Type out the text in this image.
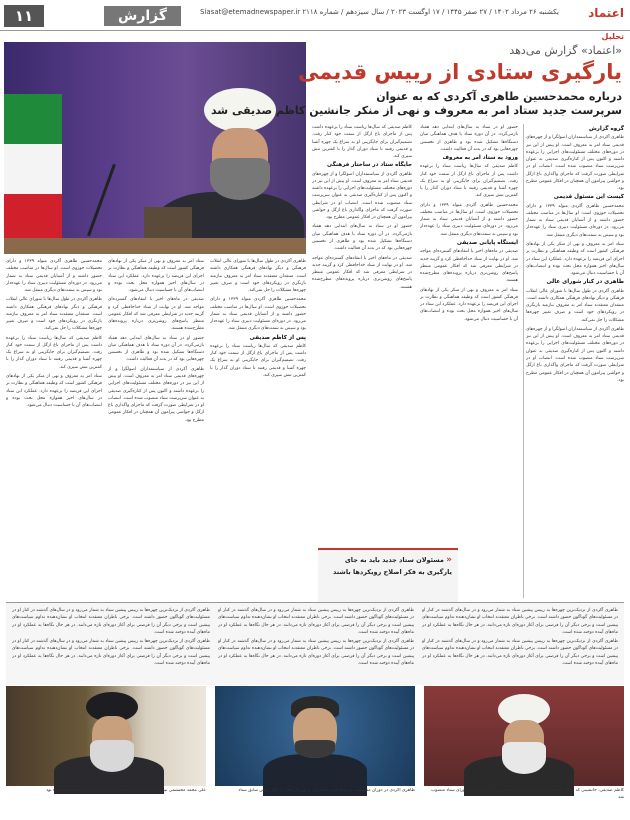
۱۱	گزارش	یکشنبه ۲۶ مرداد ۱۴۰۲ / ۲۷ صفر ۱۴۴۵ / ۱۷ اوگست ۲۰۲۳ / سال سیزدهم / شماره ۲۱۱۸ Siasat@etemadnewspaper.ir اعتماد
تحلیل
«اعتماد» گزارش می‌دهد
یارگیری ستادی از رییس قدیمی
درباره محمدحسین طاهری آکردی که به عنوان
سرپرست جدید ستاد امر به معروف و نهی از منکر جانشین کاظم صدیقی شد
گروه گزارش

طاهری آکردی از سیاستمداران اصولگرا و از چهره‌های قدیمی ستاد امر به معروف است. او پیش از این نیز در دوره‌های مختلف مسئولیت‌های اجرایی را برعهده داشته و اکنون پس از کناره‌گیری صدیقی به عنوان سرپرست ستاد منصوب شده است. انتصاب او در شرایطی صورت گرفت که ماجرای واگذاری باغ ازگل و حواشی پیرامون آن همچنان در افکار عمومی مطرح بود.

کیست این مسئول قدیمی

محمدحسین طاهری آکردی متولد ۱۳۳۹ و دارای تحصیلات حوزوی است. او سال‌ها در مناصب مختلف حضور داشته و از آشنایان قدیمی ستاد به شمار می‌رود. در دوره‌ای مسئولیت دبیری ستاد را عهده‌دار بود و سپس به سمت‌های دیگری منتقل شد.

ستاد امر به معروف و نهی از منکر یکی از نهادهای فرهنگی کشور است که وظیفه هماهنگی و نظارت بر اجرای این فریضه را برعهده دارد. عملکرد این ستاد در سال‌های اخیر همواره محل بحث بوده و انتصاب‌های آن با حساسیت دنبال می‌شود.

طاهری در کنار شورای عالی

طاهری آکردی در طول سال‌ها با شورای عالی انقلاب فرهنگی و دیگر نهادهای فرهنگی همکاری داشته است. منتقدان معتقدند ستاد امر به معروف نیازمند بازنگری در رویکردهای خود است و صرف تغییر چهره‌ها مشکلات را حل نمی‌کند.

طاهری آکردی از سیاستمداران اصولگرا و از چهره‌های قدیمی ستاد امر به معروف است. او پیش از این نیز در دوره‌های مختلف مسئولیت‌های اجرایی را برعهده داشته و اکنون پس از کناره‌گیری صدیقی به عنوان سرپرست ستاد منصوب شده است. انتصاب او در شرایطی صورت گرفت که ماجرای واگذاری باغ ازگل و حواشی پیرامون آن همچنان در افکار عمومی مطرح بود.

حضور او در ستاد به سال‌های ابتدایی دهه هفتاد بازمی‌گردد. در آن دوره ستاد با هدف هماهنگی میان دستگاه‌ها تشکیل شده بود و طاهری از نخستین چهره‌هایی بود که در بدنه آن فعالیت داشت.

ورود به ستاد امر به معروف

کاظم صدیقی که سال‌ها ریاست ستاد را برعهده داشت پس از ماجرای باغ ازگل از سمت خود کنار رفت. تصمیم‌گیران برای جایگزینی او به سراغ یک چهره آشنا و قدیمی رفتند تا ستاد دوران گذار را با کمترین تنش سپری کند.

محمدحسین طاهری آکردی متولد ۱۳۳۹ و دارای تحصیلات حوزوی است. او سال‌ها در مناصب مختلف حضور داشته و از آشنایان قدیمی ستاد به شمار می‌رود. در دوره‌ای مسئولیت دبیری ستاد را عهده‌دار بود و سپس به سمت‌های دیگری منتقل شد.

ایستگاه پایانی صدیقی

صدیقی در ماه‌های اخیر با انتقادهای گسترده‌ای مواجه شد. او در نهایت از ستاد خداحافظی کرد و گزینه جدید در شرایطی معرفی شد که افکار عمومی منتظر پاسخ‌های روشن‌تری درباره پرونده‌های مطرح‌شده هستند.

ستاد امر به معروف و نهی از منکر یکی از نهادهای فرهنگی کشور است که وظیفه هماهنگی و نظارت بر اجرای این فریضه را برعهده دارد. عملکرد این ستاد در سال‌های اخیر همواره محل بحث بوده و انتصاب‌های آن با حساسیت دنبال می‌شود.

کاظم صدیقی که سال‌ها ریاست ستاد را برعهده داشت پس از ماجرای باغ ازگل از سمت خود کنار رفت. تصمیم‌گیران برای جایگزینی او به سراغ یک چهره آشنا و قدیمی رفتند تا ستاد دوران گذار را با کمترین تنش سپری کند.

جایگاه ستاد در ساختار فرهنگی

طاهری آکردی از سیاستمداران اصولگرا و از چهره‌های قدیمی ستاد امر به معروف است. او پیش از این نیز در دوره‌های مختلف مسئولیت‌های اجرایی را برعهده داشته و اکنون پس از کناره‌گیری صدیقی به عنوان سرپرست ستاد منصوب شده است. انتصاب او در شرایطی صورت گرفت که ماجرای واگذاری باغ ازگل و حواشی پیرامون آن همچنان در افکار عمومی مطرح بود.

حضور او در ستاد به سال‌های ابتدایی دهه هفتاد بازمی‌گردد. در آن دوره ستاد با هدف هماهنگی میان دستگاه‌ها تشکیل شده بود و طاهری از نخستین چهره‌هایی بود که در بدنه آن فعالیت داشت.

صدیقی در ماه‌های اخیر با انتقادهای گسترده‌ای مواجه شد. او در نهایت از ستاد خداحافظی کرد و گزینه جدید در شرایطی معرفی شد که افکار عمومی منتظر پاسخ‌های روشن‌تری درباره پرونده‌های مطرح‌شده هستند.

طاهری آکردی در طول سال‌ها با شورای عالی انقلاب فرهنگی و دیگر نهادهای فرهنگی همکاری داشته است. منتقدان معتقدند ستاد امر به معروف نیازمند بازنگری در رویکردهای خود است و صرف تغییر چهره‌ها مشکلات را حل نمی‌کند.

محمدحسین طاهری آکردی متولد ۱۳۳۹ و دارای تحصیلات حوزوی است. او سال‌ها در مناصب مختلف حضور داشته و از آشنایان قدیمی ستاد به شمار می‌رود. در دوره‌ای مسئولیت دبیری ستاد را عهده‌دار بود و سپس به سمت‌های دیگری منتقل شد.

پس از کاظم صدیقی

کاظم صدیقی که سال‌ها ریاست ستاد را برعهده داشت پس از ماجرای باغ ازگل از سمت خود کنار رفت. تصمیم‌گیران برای جایگزینی او به سراغ یک چهره آشنا و قدیمی رفتند تا ستاد دوران گذار را با کمترین تنش سپری کند.

ستاد امر به معروف و نهی از منکر یکی از نهادهای فرهنگی کشور است که وظیفه هماهنگی و نظارت بر اجرای این فریضه را برعهده دارد. عملکرد این ستاد در سال‌های اخیر همواره محل بحث بوده و انتصاب‌های آن با حساسیت دنبال می‌شود.

صدیقی در ماه‌های اخیر با انتقادهای گسترده‌ای مواجه شد. او در نهایت از ستاد خداحافظی کرد و گزینه جدید در شرایطی معرفی شد که افکار عمومی منتظر پاسخ‌های روشن‌تری درباره پرونده‌های مطرح‌شده هستند.

حضور او در ستاد به سال‌های ابتدایی دهه هفتاد بازمی‌گردد. در آن دوره ستاد با هدف هماهنگی میان دستگاه‌ها تشکیل شده بود و طاهری از نخستین چهره‌هایی بود که در بدنه آن فعالیت داشت.

طاهری آکردی از سیاستمداران اصولگرا و از چهره‌های قدیمی ستاد امر به معروف است. او پیش از این نیز در دوره‌های مختلف مسئولیت‌های اجرایی را برعهده داشته و اکنون پس از کناره‌گیری صدیقی به عنوان سرپرست ستاد منصوب شده است. انتصاب او در شرایطی صورت گرفت که ماجرای واگذاری باغ ازگل و حواشی پیرامون آن همچنان در افکار عمومی مطرح بود.

محمدحسین طاهری آکردی متولد ۱۳۳۹ و دارای تحصیلات حوزوی است. او سال‌ها در مناصب مختلف حضور داشته و از آشنایان قدیمی ستاد به شمار می‌رود. در دوره‌ای مسئولیت دبیری ستاد را عهده‌دار بود و سپس به سمت‌های دیگری منتقل شد.

طاهری آکردی در طول سال‌ها با شورای عالی انقلاب فرهنگی و دیگر نهادهای فرهنگی همکاری داشته است. منتقدان معتقدند ستاد امر به معروف نیازمند بازنگری در رویکردهای خود است و صرف تغییر چهره‌ها مشکلات را حل نمی‌کند.

کاظم صدیقی که سال‌ها ریاست ستاد را برعهده داشت پس از ماجرای باغ ازگل از سمت خود کنار رفت. تصمیم‌گیران برای جایگزینی او به سراغ یک چهره آشنا و قدیمی رفتند تا ستاد دوران گذار را با کمترین تنش سپری کند.

ستاد امر به معروف و نهی از منکر یکی از نهادهای فرهنگی کشور است که وظیفه هماهنگی و نظارت بر اجرای این فریضه را برعهده دارد. عملکرد این ستاد در سال‌های اخیر همواره محل بحث بوده و انتصاب‌های آن با حساسیت دنبال می‌شود.

« مسئولان ستاد جدید باید به جای یارگیری به فکر اصلاح رویکردها باشند

طاهری آکردی از نزدیک‌ترین چهره‌ها به رییس پیشین ستاد به شمار می‌رود و در سال‌های گذشته در کنار او در مسئولیت‌های گوناگون حضور داشته است. برخی ناظران معتقدند انتخاب او نشان‌دهنده تداوم سیاست‌های پیشین است و برخی دیگر آن را فرصتی برای آغاز دوره‌ای تازه می‌دانند. در هر حال نگاه‌ها به عملکرد او در ماه‌های آینده دوخته شده است.

طاهری آکردی از نزدیک‌ترین چهره‌ها به رییس پیشین ستاد به شمار می‌رود و در سال‌های گذشته در کنار او در مسئولیت‌های گوناگون حضور داشته است. برخی ناظران معتقدند انتخاب او نشان‌دهنده تداوم سیاست‌های پیشین است و برخی دیگر آن را فرصتی برای آغاز دوره‌ای تازه می‌دانند. در هر حال نگاه‌ها به عملکرد او در ماه‌های آینده دوخته شده است.

طاهری آکردی از نزدیک‌ترین چهره‌ها به رییس پیشین ستاد به شمار می‌رود و در سال‌های گذشته در کنار او در مسئولیت‌های گوناگون حضور داشته است. برخی ناظران معتقدند انتخاب او نشان‌دهنده تداوم سیاست‌های پیشین است و برخی دیگر آن را فرصتی برای آغاز دوره‌ای تازه می‌دانند. در هر حال نگاه‌ها به عملکرد او در ماه‌های آینده دوخته شده است.

طاهری آکردی از نزدیک‌ترین چهره‌ها به رییس پیشین ستاد به شمار می‌رود و در سال‌های گذشته در کنار او در مسئولیت‌های گوناگون حضور داشته است. برخی ناظران معتقدند انتخاب او نشان‌دهنده تداوم سیاست‌های پیشین است و برخی دیگر آن را فرصتی برای آغاز دوره‌ای تازه می‌دانند. در هر حال نگاه‌ها به عملکرد او در ماه‌های آینده دوخته شده است.

طاهری آکردی از نزدیک‌ترین چهره‌ها به رییس پیشین ستاد به شمار می‌رود و در سال‌های گذشته در کنار او در مسئولیت‌های گوناگون حضور داشته است. برخی ناظران معتقدند انتخاب او نشان‌دهنده تداوم سیاست‌های پیشین است و برخی دیگر آن را فرصتی برای آغاز دوره‌ای تازه می‌دانند. در هر حال نگاه‌ها به عملکرد او در ماه‌های آینده دوخته شده است.

طاهری آکردی از نزدیک‌ترین چهره‌ها به رییس پیشین ستاد به شمار می‌رود و در سال‌های گذشته در کنار او در مسئولیت‌های گوناگون حضور داشته است. برخی ناظران معتقدند انتخاب او نشان‌دهنده تداوم سیاست‌های پیشین است و برخی دیگر آن را فرصتی برای آغاز دوره‌ای تازه می‌دانند. در هر حال نگاه‌ها به عملکرد او در ماه‌های آینده دوخته شده است.

کاظم صدیقی، جانشینی که از آن طاهری آکردی در ستاد امر به معروف به عنوان دبیر شورای ستاد منصوب شد
طاهری آکردی در دوران مسئولیت در ستاد امر به معروف و نهی از منکر در کنار رییس سابق ستاد
علی محمد محتشمی نیز در زمان ریاست صدیقی به عنوان مشاور ستاد منصوب شده بود
